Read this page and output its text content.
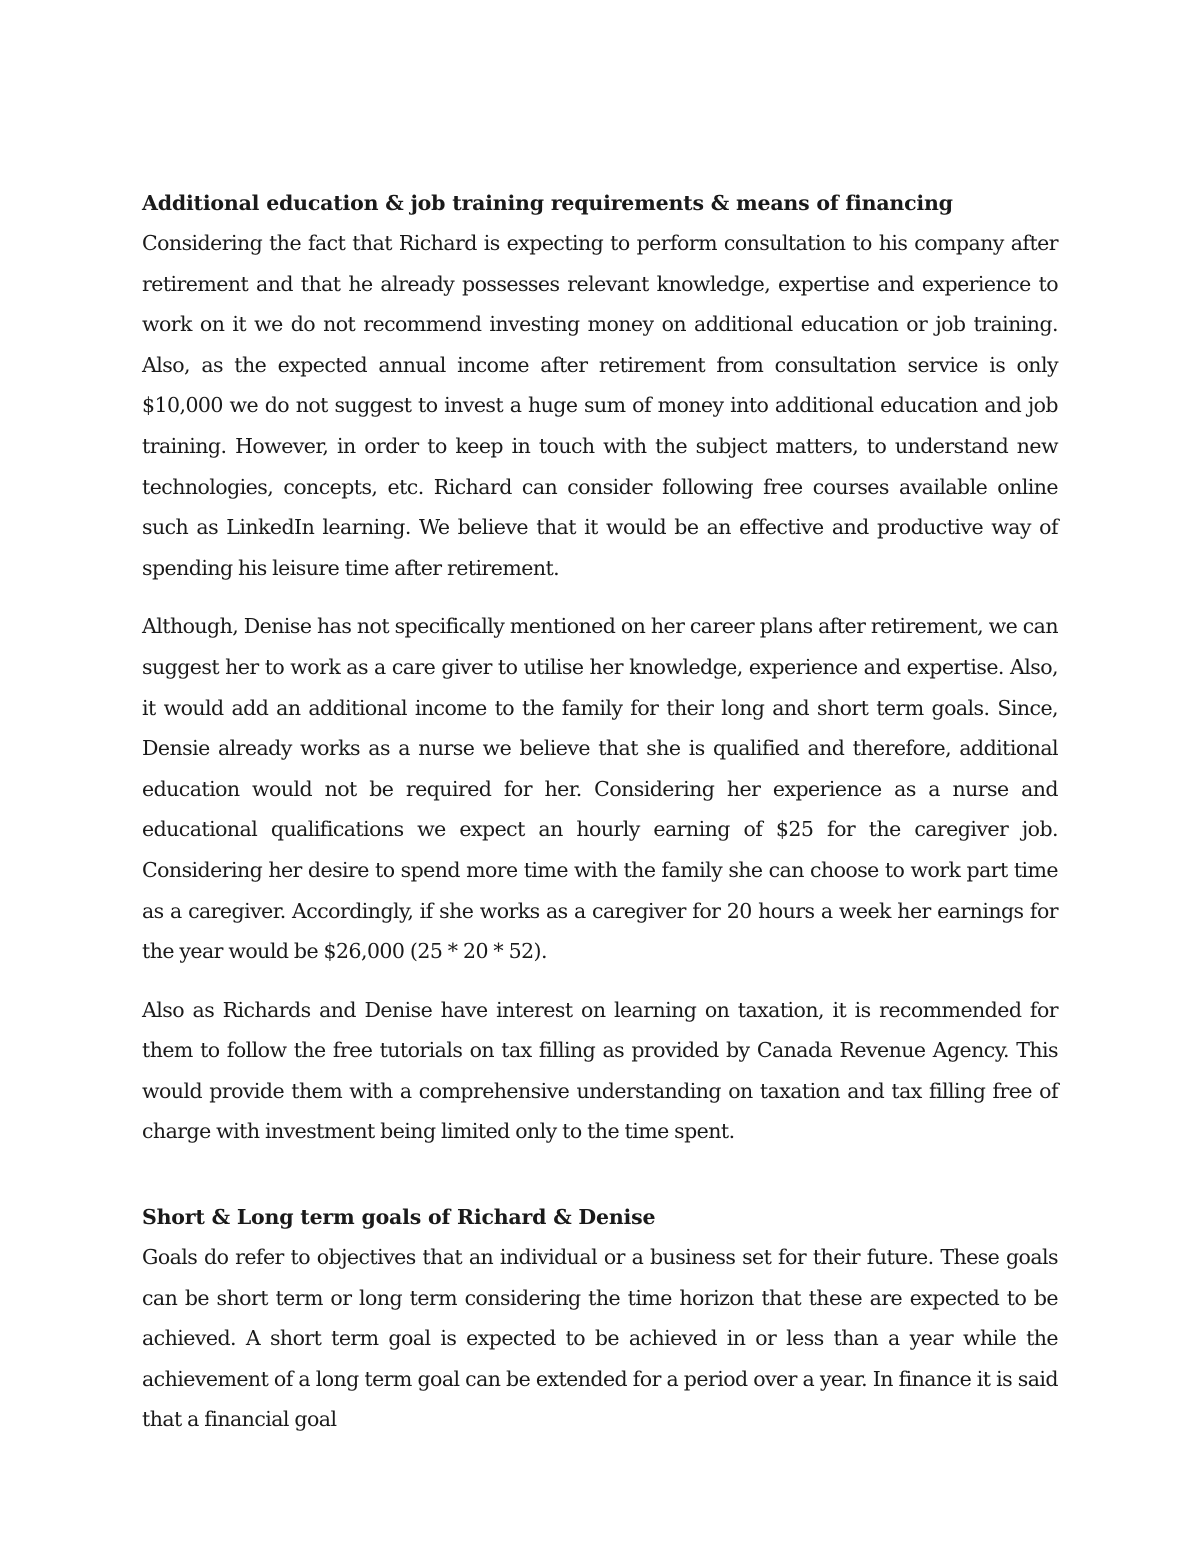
Additional education & job training requirements & means of financing

Considering the fact that Richard is expecting to perform consultation to his company after retirement and that he already possesses relevant knowledge, expertise and experience to work on it we do not recommend investing money on additional education or job training. Also, as the expected annual income after retirement from consultation service is only $10,000 we do not suggest to invest a huge sum of money into additional education and job training. However, in order to keep in touch with the subject matters, to understand new technologies, concepts, etc. Richard can consider following free courses available online such as LinkedIn learning. We believe that it would be an effective and productive way of spending his leisure time after retirement.

Although, Denise has not specifically mentioned on her career plans after retirement, we can suggest her to work as a care giver to utilise her knowledge, experience and expertise. Also, it would add an additional income to the family for their long and short term goals. Since, Densie already works as a nurse we believe that she is qualified and therefore, additional education would not be required for her. Considering her experience as a nurse and educational qualifications we expect an hourly earning of $25 for the caregiver job. Considering her desire to spend more time with the family she can choose to work part time as a caregiver. Accordingly, if she works as a caregiver for 20 hours a week her earnings for the year would be $26,000 (25 * 20 * 52).

Also as Richards and Denise have interest on learning on taxation, it is recommended for them to follow the free tutorials on tax filling as provided by Canada Revenue Agency. This would provide them with a comprehensive understanding on taxation and tax filling free of charge with investment being limited only to the time spent.

Short & Long term goals of Richard & Denise

Goals do refer to objectives that an individual or a business set for their future. These goals can be short term or long term considering the time horizon that these are expected to be achieved. A short term goal is expected to be achieved in or less than a year while the achievement of a long term goal can be extended for a period over a year. In finance it is said that a financial goal
